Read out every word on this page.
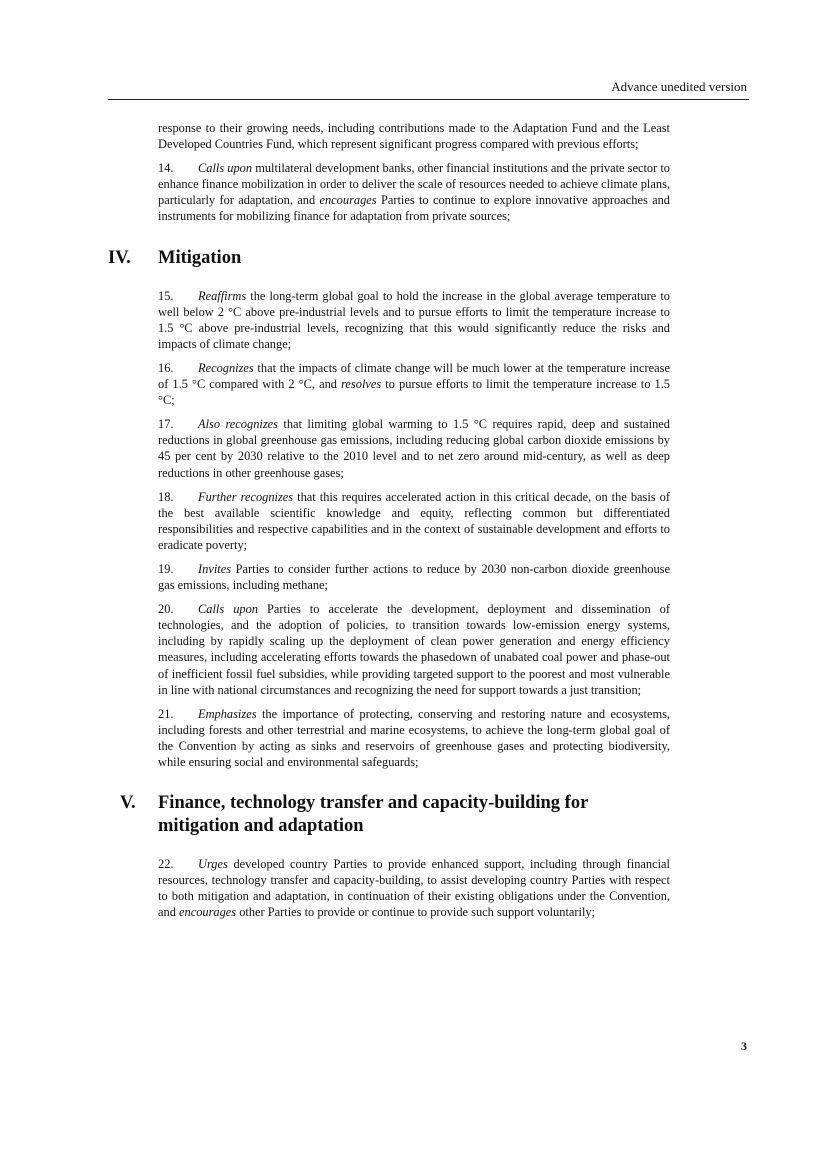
Advance unedited version

response to their growing needs, including contributions made to the Adaptation Fund and the Least Developed Countries Fund, which represent significant progress compared with previous efforts;

14. Calls upon multilateral development banks, other financial institutions and the private sector to enhance finance mobilization in order to deliver the scale of resources needed to achieve climate plans, particularly for adaptation, and encourages Parties to continue to explore innovative approaches and instruments for mobilizing finance for adaptation from private sources;

IV. Mitigation

15. Reaffirms the long-term global goal to hold the increase in the global average temperature to well below 2 °C above pre-industrial levels and to pursue efforts to limit the temperature increase to 1.5 °C above pre-industrial levels, recognizing that this would significantly reduce the risks and impacts of climate change;

16. Recognizes that the impacts of climate change will be much lower at the temperature increase of 1.5 °C compared with 2 °C, and resolves to pursue efforts to limit the temperature increase to 1.5 °C;

17. Also recognizes that limiting global warming to 1.5 °C requires rapid, deep and sustained reductions in global greenhouse gas emissions, including reducing global carbon dioxide emissions by 45 per cent by 2030 relative to the 2010 level and to net zero around mid-century, as well as deep reductions in other greenhouse gases;

18. Further recognizes that this requires accelerated action in this critical decade, on the basis of the best available scientific knowledge and equity, reflecting common but differentiated responsibilities and respective capabilities and in the context of sustainable development and efforts to eradicate poverty;

19. Invites Parties to consider further actions to reduce by 2030 non-carbon dioxide greenhouse gas emissions, including methane;

20. Calls upon Parties to accelerate the development, deployment and dissemination of technologies, and the adoption of policies, to transition towards low-emission energy systems, including by rapidly scaling up the deployment of clean power generation and energy efficiency measures, including accelerating efforts towards the phasedown of unabated coal power and phase-out of inefficient fossil fuel subsidies, while providing targeted support to the poorest and most vulnerable in line with national circumstances and recognizing the need for support towards a just transition;

21. Emphasizes the importance of protecting, conserving and restoring nature and ecosystems, including forests and other terrestrial and marine ecosystems, to achieve the long-term global goal of the Convention by acting as sinks and reservoirs of greenhouse gases and protecting biodiversity, while ensuring social and environmental safeguards;

V. Finance, technology transfer and capacity-building for
mitigation and adaptation

22. Urges developed country Parties to provide enhanced support, including through financial resources, technology transfer and capacity-building, to assist developing country Parties with respect to both mitigation and adaptation, in continuation of their existing obligations under the Convention, and encourages other Parties to provide or continue to provide such support voluntarily;

3
